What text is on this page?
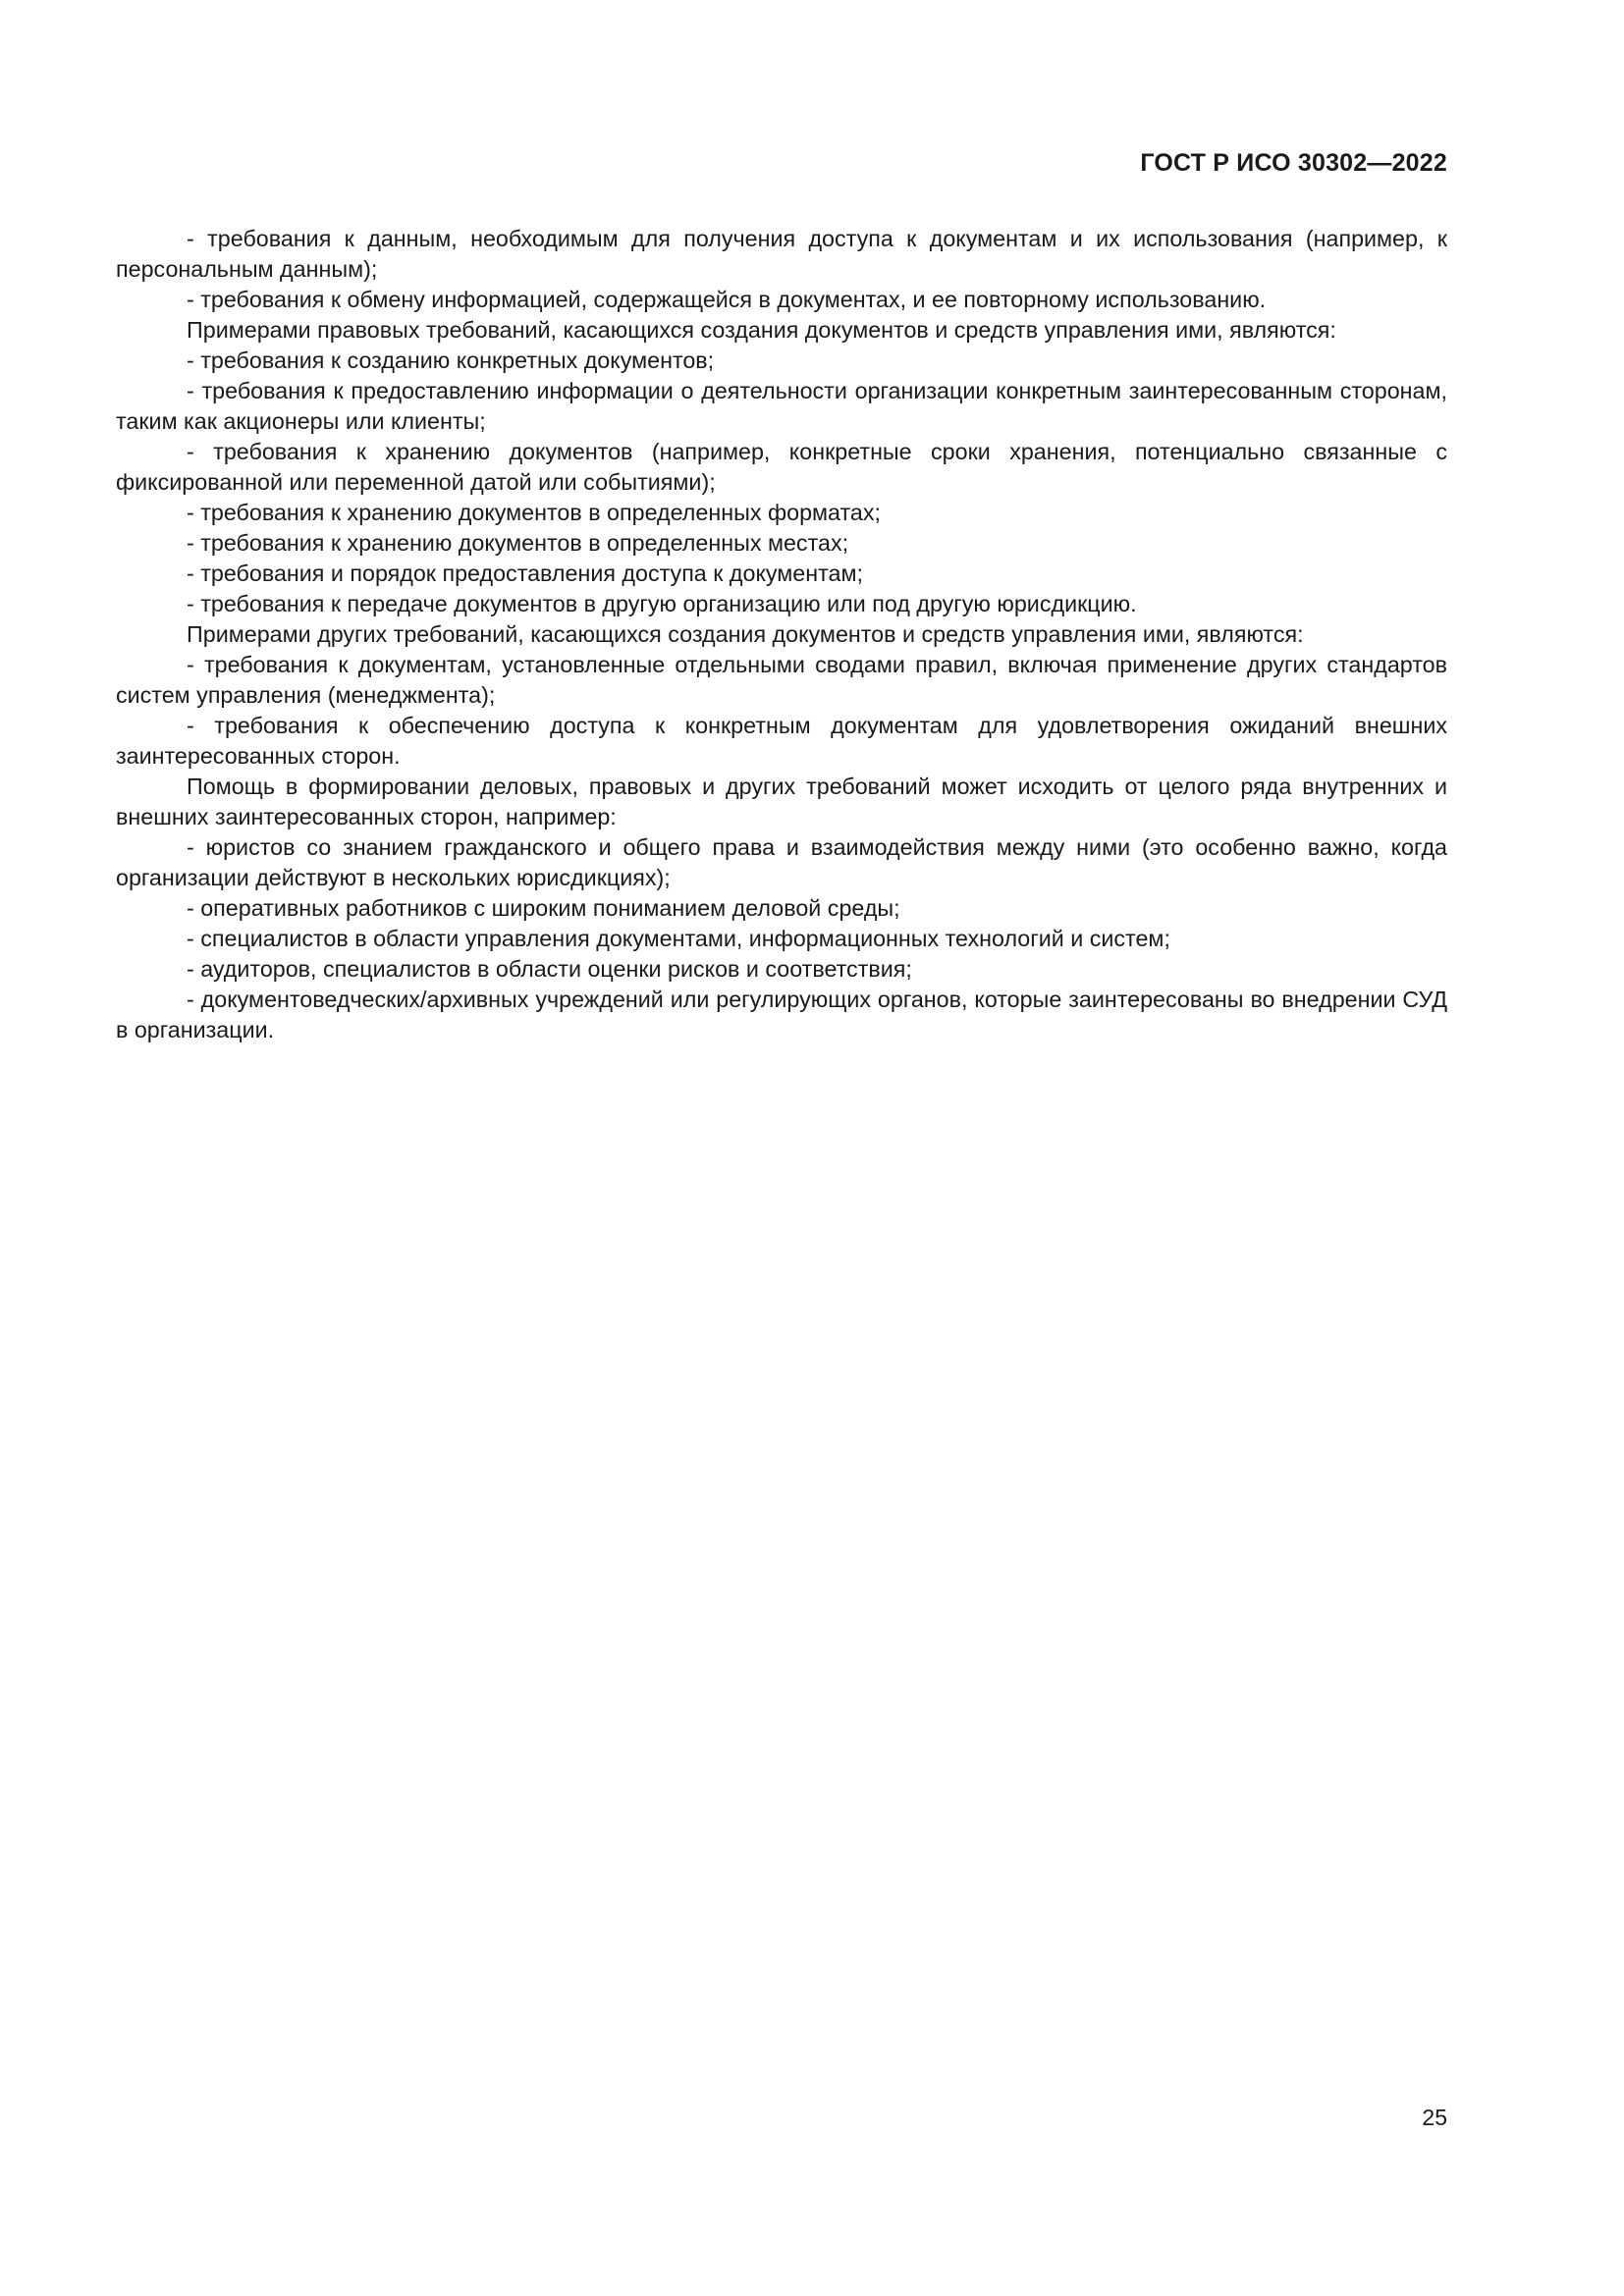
ГОСТ Р ИСО 30302—2022

- требования к данным, необходимым для получения доступа к документам и их использования (например, к персональным данным);

- требования к обмену информацией, содержащейся в документах, и ее повторному использованию.

Примерами правовых требований, касающихся создания документов и средств управления ими, являются:

- требования к созданию конкретных документов;

- требования к предоставлению информации о деятельности организации конкретным заинтересованным сторонам, таким как акционеры или клиенты;

- требования к хранению документов (например, конкретные сроки хранения, потенциально связанные с фиксированной или переменной датой или событиями);

- требования к хранению документов в определенных форматах;

- требования к хранению документов в определенных местах;

- требования и порядок предоставления доступа к документам;

- требования к передаче документов в другую организацию или под другую юрисдикцию.

Примерами других требований, касающихся создания документов и средств управления ими, являются:

- требования к документам, установленные отдельными сводами правил, включая применение других стандартов систем управления (менеджмента);

- требования к обеспечению доступа к конкретным документам для удовлетворения ожиданий внешних заинтересованных сторон.

Помощь в формировании деловых, правовых и других требований может исходить от целого ряда внутренних и внешних заинтересованных сторон, например:

- юристов со знанием гражданского и общего права и взаимодействия между ними (это особенно важно, когда организации действуют в нескольких юрисдикциях);

- оперативных работников с широким пониманием деловой среды;

- специалистов в области управления документами, информационных технологий и систем;

- аудиторов, специалистов в области оценки рисков и соответствия;

- документоведческих/архивных учреждений или регулирующих органов, которые заинтересованы во внедрении СУД в организации.

25
